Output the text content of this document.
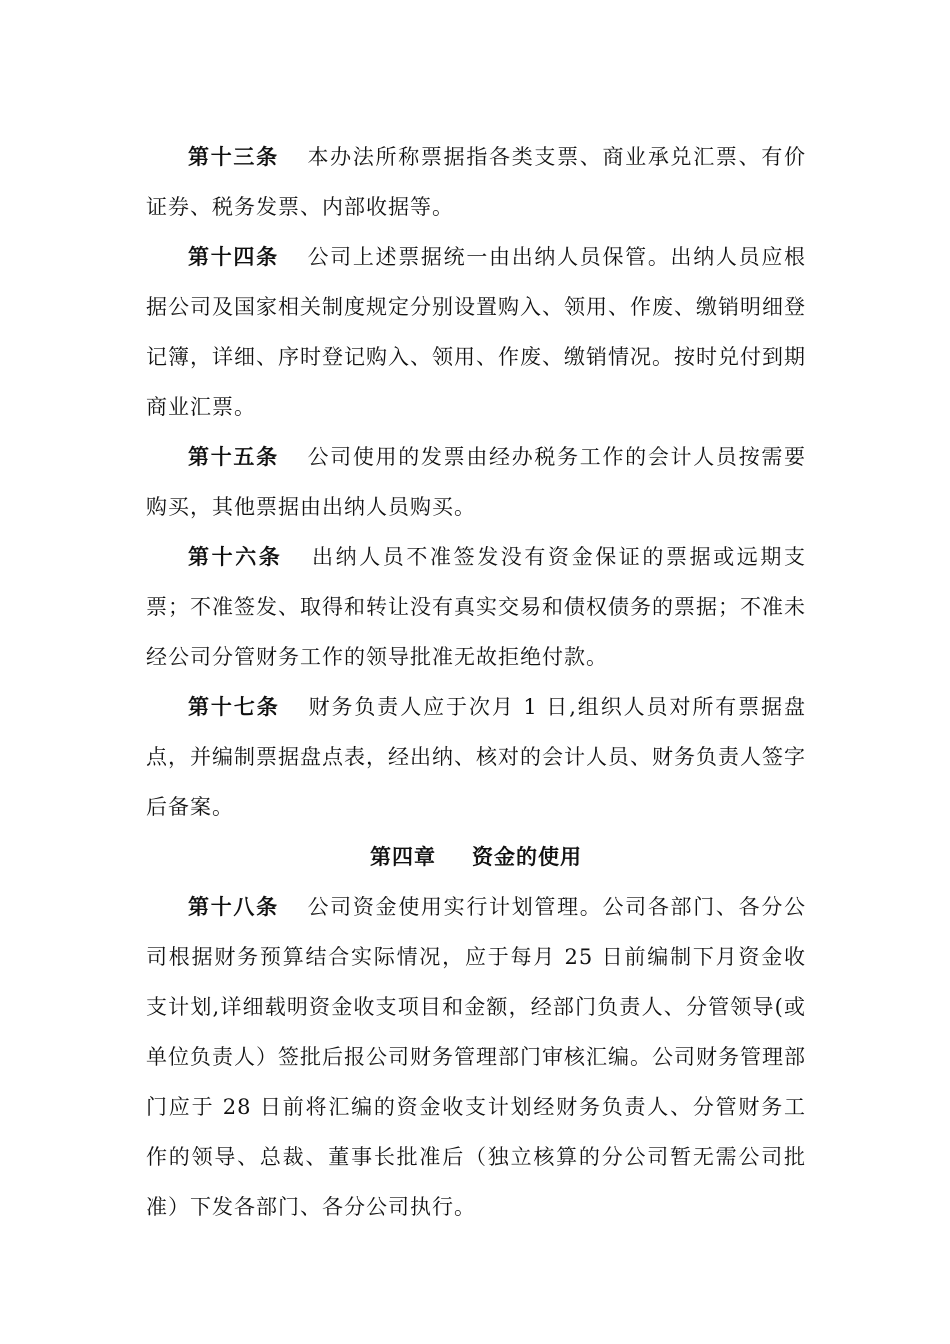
第十三条 本办法所称票据指各类支票、商业承兑汇票、有价证券、税务发票、内部收据等。

第十四条 公司上述票据统一由出纳人员保管。出纳人员应根据公司及国家相关制度规定分别设置购入、领用、作废、缴销明细登记簿，详细、序时登记购入、领用、作废、缴销情况。按时兑付到期商业汇票。

第十五条 公司使用的发票由经办税务工作的会计人员按需要购买，其他票据由出纳人员购买。

第十六条 出纳人员不准签发没有资金保证的票据或远期支票；不准签发、取得和转让没有真实交易和债权债务的票据；不准未经公司分管财务工作的领导批准无故拒绝付款。

第十七条 财务负责人应于次月 1 日,组织人员对所有票据盘点，并编制票据盘点表，经出纳、核对的会计人员、财务负责人签字后备案。

第四章 资金的使用

第十八条 公司资金使用实行计划管理。公司各部门、各分公司根据财务预算结合实际情况，应于每月 25 日前编制下月资金收支计划,详细载明资金收支项目和金额，经部门负责人、分管领导(或单位负责人）签批后报公司财务管理部门审核汇编。公司财务管理部门应于 28 日前将汇编的资金收支计划经财务负责人、分管财务工作的领导、总裁、董事长批准后（独立核算的分公司暂无需公司批准）下发各部门、各分公司执行。
